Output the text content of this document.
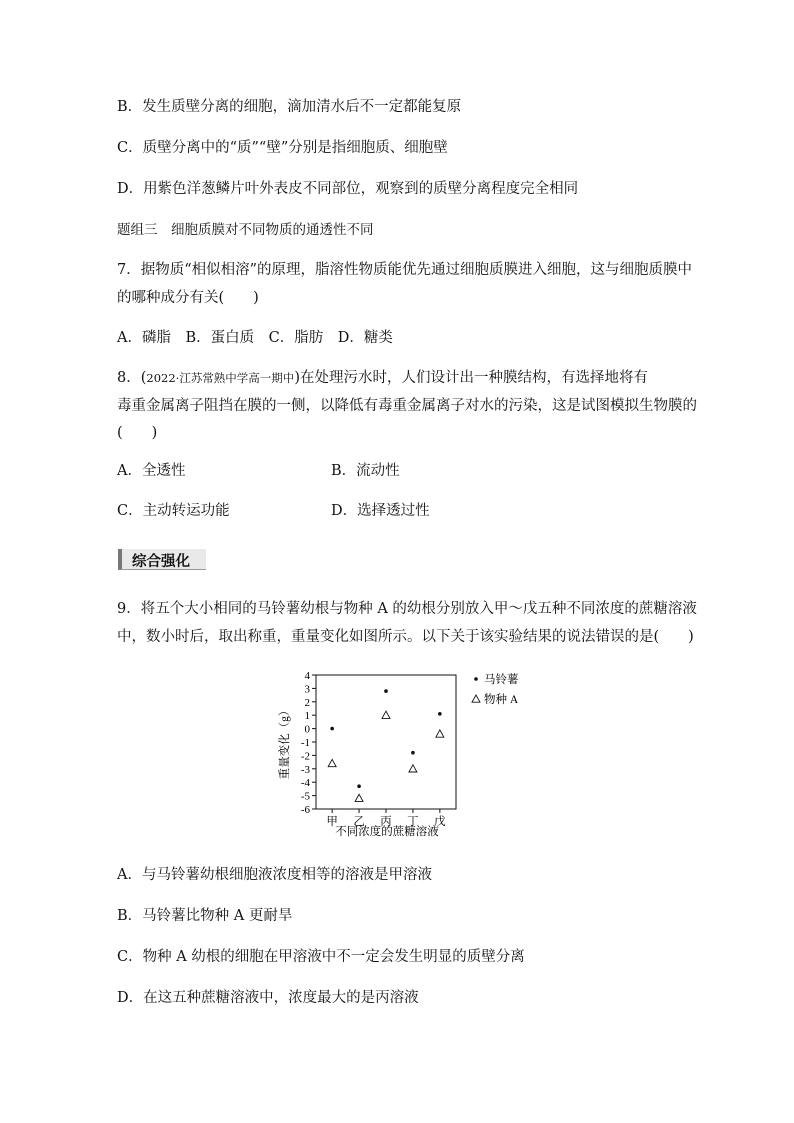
B．发生质壁分离的细胞，滴加清水后不一定都能复原
C．质壁分离中的“质”“壁”分别是指细胞质、细胞壁
D．用紫色洋葱鳞片叶外表皮不同部位，观察到的质壁分离程度完全相同
题组三　细胞质膜对不同物质的通透性不同
7．据物质“相似相溶”的原理，脂溶性物质能优先通过细胞质膜进入细胞，这与细胞质膜中
的哪种成分有关(　　)
A．磷脂　B．蛋白质　C．脂肪　D．糖类
8．(2022·江苏常熟中学高一期中)在处理污水时，人们设计出一种膜结构，有选择地将有
毒重金属离子阻挡在膜的一侧，以降低有毒重金属离子对水的污染，这是试图模拟生物膜的
(　　)
A．全透性	B．流动性
C．主动转运功能	D．选择透过性
综合强化
9．将五个大小相同的马铃薯幼根与物种 A 的幼根分别放入甲～戊五种不同浓度的蔗糖溶液
中，数小时后，取出称重，重量变化如图所示。以下关于该实验结果的说法错误的是(　　)
重量变化（g）
不同浓度的蔗糖溶液
4
3
2
1
0
-1
-2
-3
-4
-5
-6
甲 乙 丙 丁 戊
马铃薯
物种 A
A．与马铃薯幼根细胞液浓度相等的溶液是甲溶液
B．马铃薯比物种 A 更耐旱
C．物种 A 幼根的细胞在甲溶液中不一定会发生明显的质壁分离
D．在这五种蔗糖溶液中，浓度最大的是丙溶液
